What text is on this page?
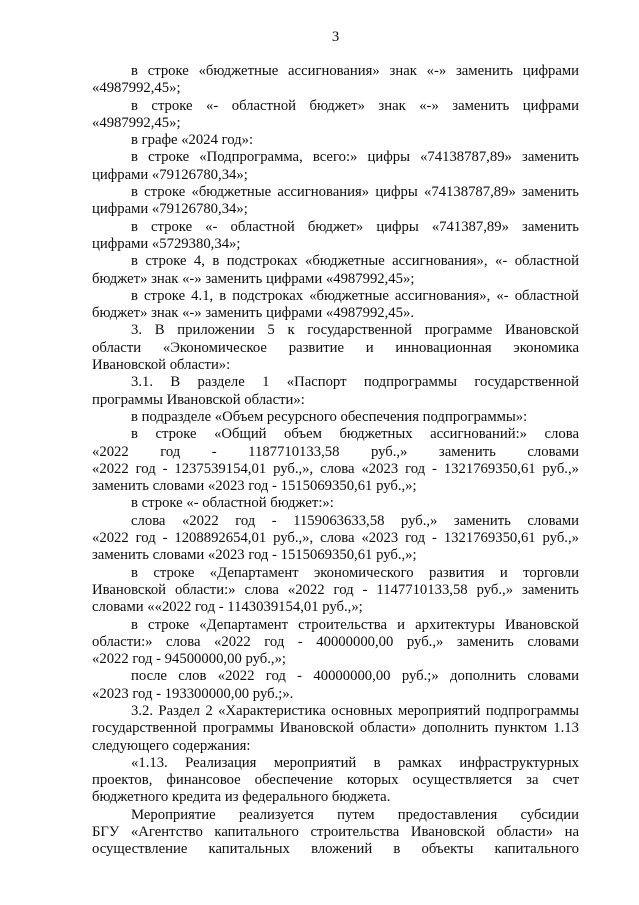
3
в строке «бюджетные ассигнования» знак «-» заменить цифрами
«4987992,45»;
в строке «- областной бюджет» знак «-» заменить цифрами
«4987992,45»;
в графе «2024 год»:
в строке «Подпрограмма, всего:» цифры «74138787,89» заменить
цифрами «79126780,34»;
в строке «бюджетные ассигнования» цифры «74138787,89» заменить
цифрами «79126780,34»;
в строке «- областной бюджет» цифры «741387,89» заменить
цифрами «5729380,34»;
в строке 4, в подстроках «бюджетные ассигнования», «- областной
бюджет» знак «-» заменить цифрами «4987992,45»;
в строке 4.1, в подстроках «бюджетные ассигнования», «- областной
бюджет» знак «-» заменить цифрами «4987992,45».
3. В приложении 5 к государственной программе Ивановской
области «Экономическое развитие и инновационная экономика
Ивановской области»:
3.1. В разделе 1 «Паспорт подпрограммы государственной
программы Ивановской области»:
в подразделе «Объем ресурсного обеспечения подпрограммы»:
в строке «Общий объем бюджетных ассигнований:» слова
«2022 год - 1187710133,58 руб.,» заменить словами
«2022 год - 1237539154,01 руб.,», слова «2023 год - 1321769350,61 руб.,»
заменить словами «2023 год - 1515069350,61 руб.,»;
в строке «- областной бюджет:»:
слова «2022 год - 1159063633,58 руб.,» заменить словами
«2022 год - 1208892654,01 руб.,», слова «2023 год - 1321769350,61 руб.,»
заменить словами «2023 год - 1515069350,61 руб.,»;
в строке «Департамент экономического развития и торговли
Ивановской области:» слова «2022 год - 1147710133,58 руб.,» заменить
словами ««2022 год - 1143039154,01 руб.,»;
в строке «Департамент строительства и архитектуры Ивановской
области:» слова «2022 год - 40000000,00 руб.,» заменить словами
«2022 год - 94500000,00 руб.,»;
после слов «2022 год - 40000000,00 руб.;» дополнить словами
«2023 год - 193300000,00 руб.;».
3.2. Раздел 2 «Характеристика основных мероприятий подпрограммы
государственной программы Ивановской области» дополнить пунктом 1.13
следующего содержания:
«1.13. Реализация мероприятий в рамках инфраструктурных
проектов, финансовое обеспечение которых осуществляется за счет
бюджетного кредита из федерального бюджета.
Мероприятие реализуется путем предоставления субсидии
БГУ «Агентство капитального строительства Ивановской области» на
осуществление капитальных вложений в объекты капитального
